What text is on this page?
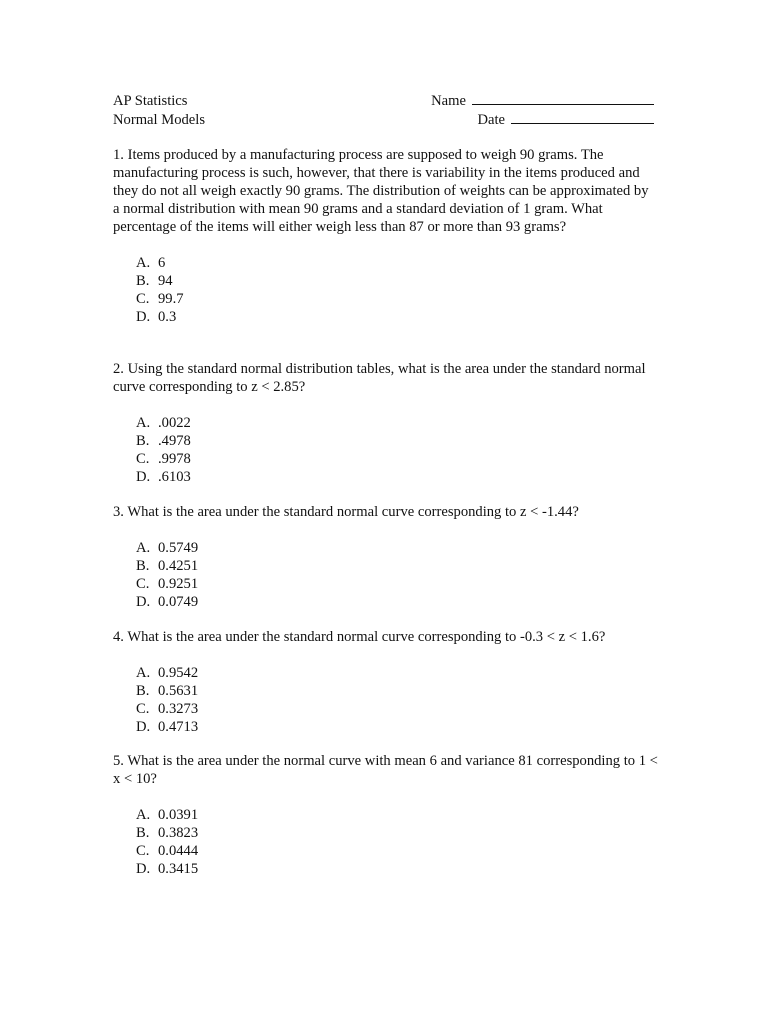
AP Statistics
Normal Models
Name
Date

1. Items produced by a manufacturing process are supposed to weigh 90 grams. The manufacturing process is such, however, that there is variability in the items produced and they do not all weigh exactly 90 grams. The distribution of weights can be approximated by a normal distribution with mean 90 grams and a standard deviation of 1 gram. What percentage of the items will either weigh less than 87 or more than 93 grams?

A. 6
B. 94
C. 99.7
D. 0.3

2. Using the standard normal distribution tables, what is the area under the standard normal curve corresponding to z < 2.85?

A. .0022
B. .4978
C. .9978
D. .6103

3. What is the area under the standard normal curve corresponding to z < -1.44?

A. 0.5749
B. 0.4251
C. 0.9251
D. 0.0749

4. What is the area under the standard normal curve corresponding to -0.3 < z < 1.6?

A. 0.9542
B. 0.5631
C. 0.3273
D. 0.4713

5. What is the area under the normal curve with mean 6 and variance 81 corresponding to 1 < x < 10?

A. 0.0391
B. 0.3823
C. 0.0444
D. 0.3415
